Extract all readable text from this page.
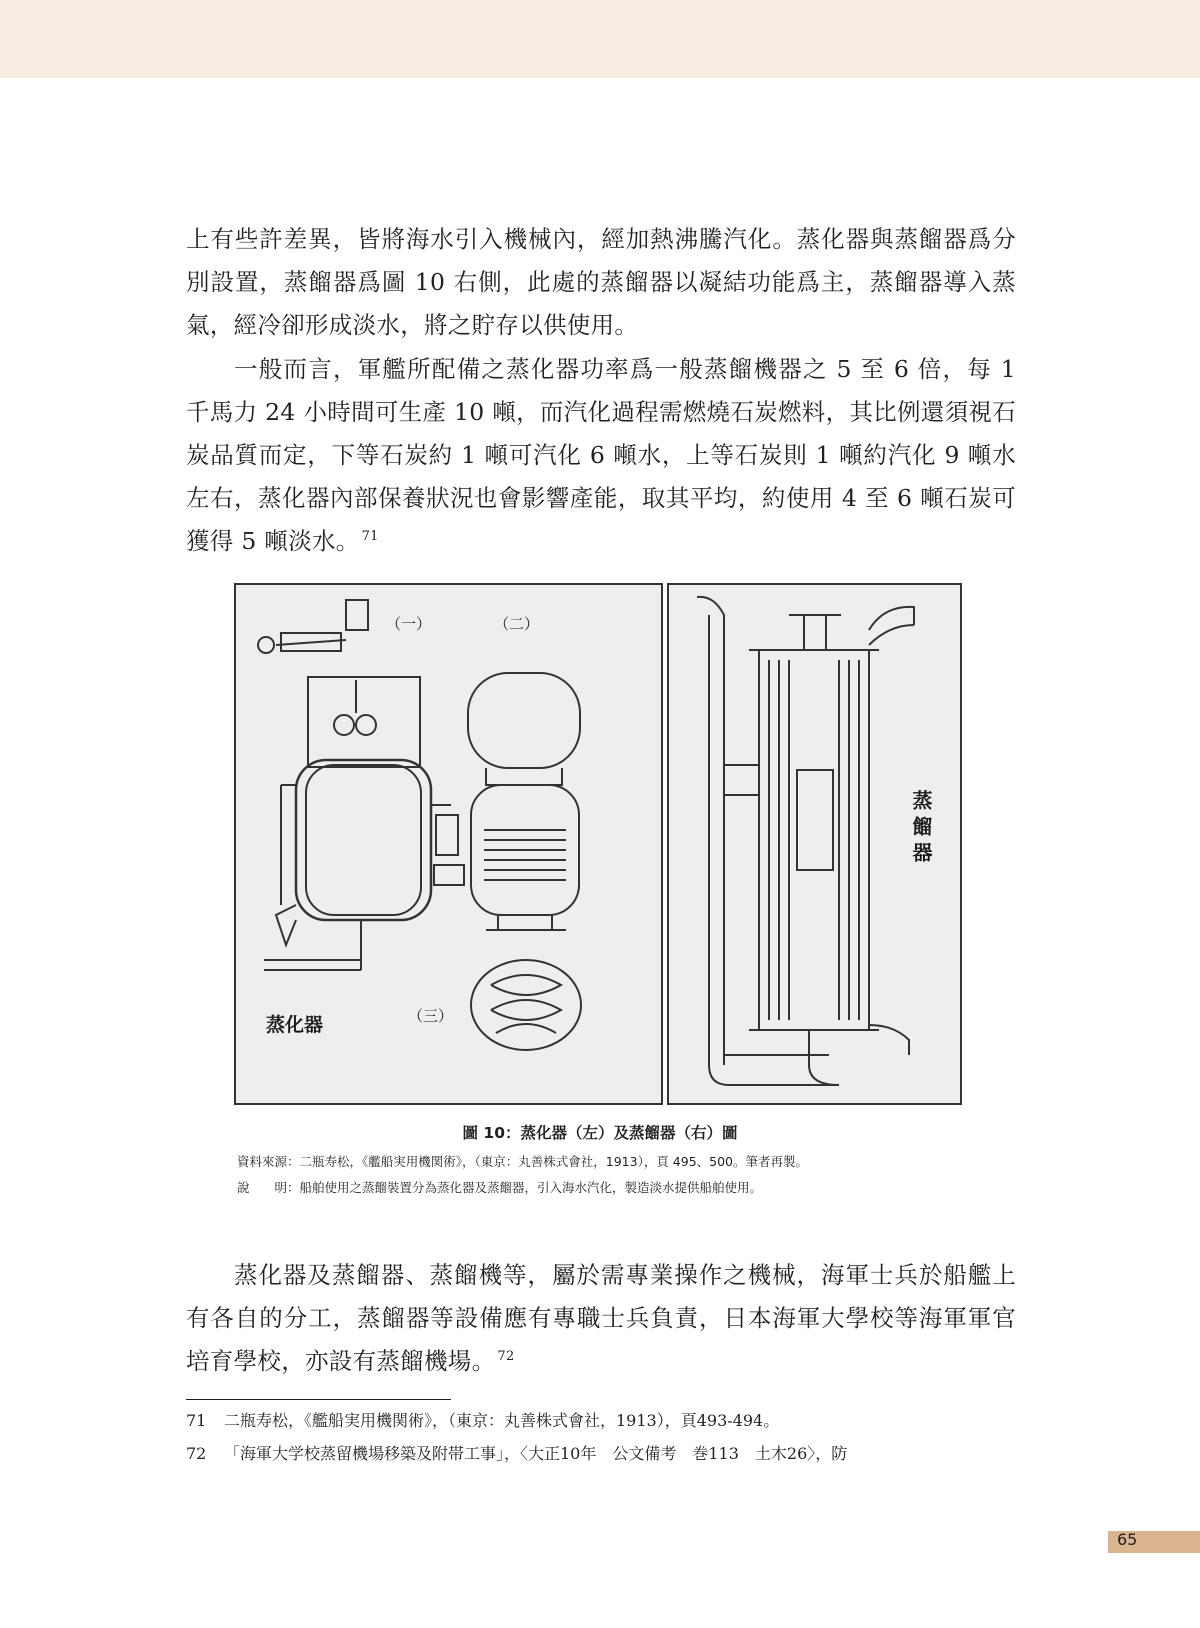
上有些許差異，皆將海水引入機械內，經加熱沸騰汽化。蒸化器與蒸餾器爲分別設置，蒸餾器爲圖 10 右側，此處的蒸餾器以凝結功能爲主，蒸餾器導入蒸氣，經冷卻形成淡水，將之貯存以供使用。

一般而言，軍艦所配備之蒸化器功率爲一般蒸餾機器之 5 至 6 倍，每 1 千馬力 24 小時間可生產 10 噸，而汽化過程需燃燒石炭燃料，其比例還須視石炭品質而定，下等石炭約 1 噸可汽化 6 噸水，上等石炭則 1 噸約汽化 9 噸水左右，蒸化器內部保養狀況也會影響產能，取其平均，約使用 4 至 6 噸石炭可獲得 5 噸淡水。 $^{71}$

（一）	（二）
（三）
蒸化器
蒸餾器
圖 10：蒸化器（左）及蒸餾器（右）圖
資料來源：二瓶寿松，《艦船実用機関術》，（東京：丸善株式會社，1913），頁 495、500。筆者再製。
說　　明：船舶使用之蒸餾裝置分為蒸化器及蒸餾器，引入海水汽化，製造淡水提供船舶使用。

蒸化器及蒸餾器、蒸餾機等，屬於需專業操作之機械，海軍士兵於船艦上有各自的分工，蒸餾器等設備應有專職士兵負責，日本海軍大學校等海軍軍官培育學校，亦設有蒸餾機場。 $^{72}$

71 二瓶寿松，《艦船実用機関術》，（東京：丸善株式會社，1913），頁493-494。
72 「海軍大学校蒸留機場移築及附帯工事」，〈大正10年　公文備考　巻113　土木26〉，防
65
